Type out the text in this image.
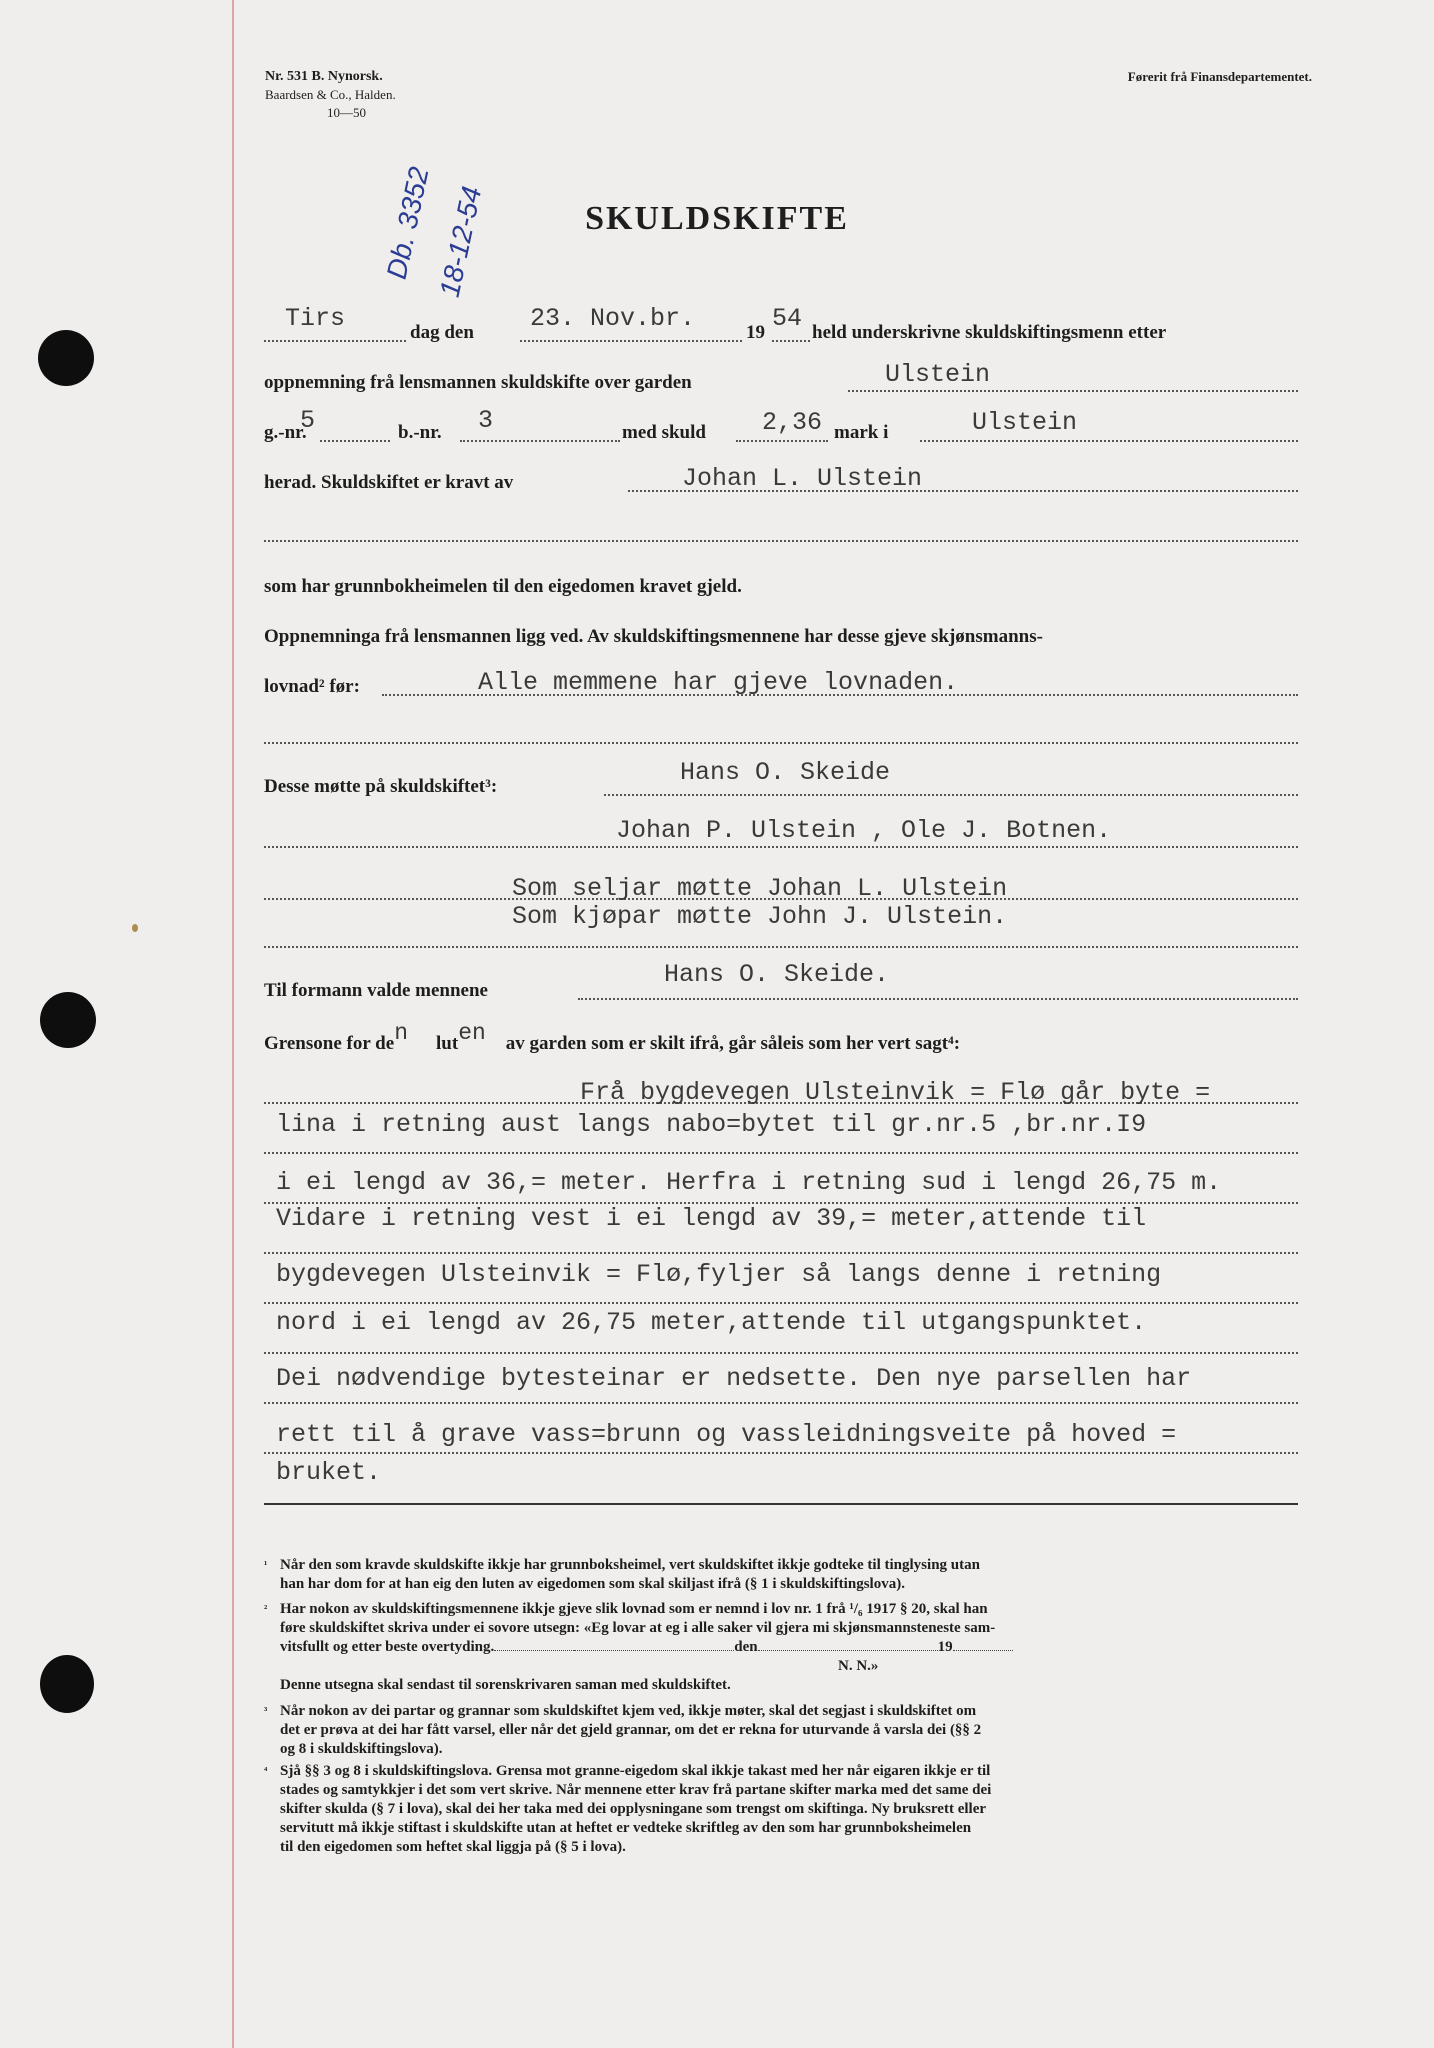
Nr. 531 B. Nynorsk.
Baardsen & Co., Halden.
10—50
Førerit frå Finansdepartementet.
Db. 3352 18-12-54	SKULDSKIFTE
Tirs	dag den 23. Nov.br.	19 54 held underskrivne skuldskiftingsmenn etter
oppnemning frå lensmannen skuldskifte over garden	Ulstein
g.-nr.
5	b.-nr. 3	med skuld 2,36 mark i	Ulstein
herad. Skuldskiftet er kravt av	Johan L. Ulstein
som har grunnbokheimelen til den eigedomen kravet gjeld.
Oppnemninga frå lensmannen ligg ved. Av skuldskiftingsmennene har desse gjeve skjønsmanns-
lovnad² før:	Alle memmene har gjeve lovnaden.
Desse møtte på skuldskiftet³:	Hans O. Skeide
Johan P. Ulstein , Ole J. Botnen.
Som seljar møtte Johan L. Ulstein
Som kjøpar møtte John J. Ulstein.
Til formann valde mennene
Hans O. Skeide.
Grensone for den luten av garden som er skilt ifrå, går såleis som her vert sagt⁴:
Frå bygdevegen Ulsteinvik = Flø går byte =
lina i retning aust langs nabo=bytet til gr.nr.5 ,br.nr.I9
i ei lengd av 36,= meter. Herfra i retning sud i lengd 26,75 m.
Vidare i retning vest i ei lengd av 39,= meter,attende til
bygdevegen Ulsteinvik = Flø,fyljer så langs denne i retning
nord i ei lengd av 26,75 meter,attende til utgangspunktet.
Dei nødvendige bytesteinar er nedsette. Den nye parsellen har
rett til å grave vass=brunn og vassleidningsveite på hoved =
bruket.
¹ Når den som kravde skuldskifte ikkje har grunnboksheimel, vert skuldskiftet ikkje godteke til tinglysing utan
han har dom for at han eig den luten av eigedomen som skal skiljast ifrå (§ 1 i skuldskiftingslova).
² Har nokon av skuldskiftingsmennene ikkje gjeve slik lovnad som er nemnd i lov nr. 1 frå ¹/₆ 1917 § 20, skal han
føre skuldskiftet skriva under ei sovore utsegn: «Eg lovar at eg i alle saker vil gjera mi skjønsmannsteneste sam-
vitsfullt og etter beste overtyding.	den	19
N. N.»
Denne utsegna skal sendast til sorenskrivaren saman med skuldskiftet.
³ Når nokon av dei partar og grannar som skuldskiftet kjem ved, ikkje møter, skal det segjast i skuldskiftet om
det er prøva at dei har fått varsel, eller når det gjeld grannar, om det er rekna for uturvande å varsla dei (§§ 2
og 8 i skuldskiftingslova).
⁴ Sjå §§ 3 og 8 i skuldskiftingslova. Grensa mot granne-eigedom skal ikkje takast med her når eigaren ikkje er til
stades og samtykkjer i det som vert skrive. Når mennene etter krav frå partane skifter marka med det same dei
skifter skulda (§ 7 i lova), skal dei her taka med dei opplysningane som trengst om skiftinga. Ny bruksrett eller
servitutt må ikkje stiftast i skuldskifte utan at heftet er vedteke skriftleg av den som har grunnboksheimelen
til den eigedomen som heftet skal liggja på (§ 5 i lova).
